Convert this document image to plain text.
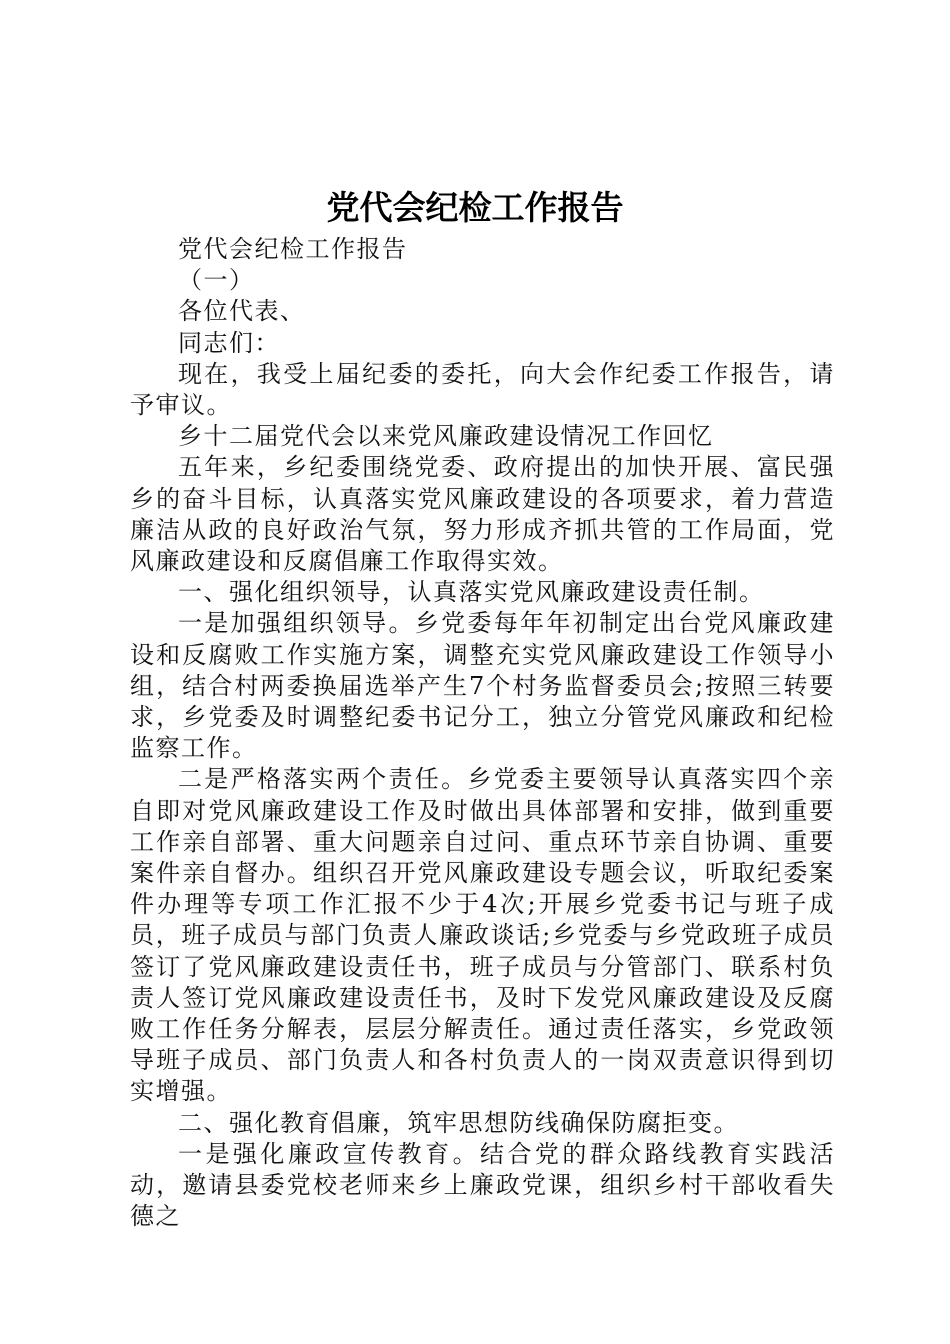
党代会纪检工作报告

党代会纪检工作报告

（一）

各位代表、

同志们：

现在，我受上届纪委的委托，向大会作纪委工作报告，请予审议。

乡十二届党代会以来党风廉政建设情况工作回忆

五年来，乡纪委围绕党委、政府提出的加快开展、富民强乡的奋斗目标，认真落实党风廉政建设的各项要求，着力营造廉洁从政的良好政治气氛，努力形成齐抓共管的工作局面，党风廉政建设和反腐倡廉工作取得实效。

一、强化组织领导，认真落实党风廉政建设责任制。

一是加强组织领导。乡党委每年年初制定出台党风廉政建设和反腐败工作实施方案，调整充实党风廉政建设工作领导小组，结合村两委换届选举产生7个村务监督委员会;按照三转要求，乡党委及时调整纪委书记分工，独立分管党风廉政和纪检监察工作。

二是严格落实两个责任。乡党委主要领导认真落实四个亲自即对党风廉政建设工作及时做出具体部署和安排，做到重要工作亲自部署、重大问题亲自过问、重点环节亲自协调、重要案件亲自督办。组织召开党风廉政建设专题会议，听取纪委案件办理等专项工作汇报不少于4次;开展乡党委书记与班子成员，班子成员与部门负责人廉政谈话;乡党委与乡党政班子成员签订了党风廉政建设责任书，班子成员与分管部门、联系村负责人签订党风廉政建设责任书，及时下发党风廉政建设及反腐败工作任务分解表，层层分解责任。通过责任落实，乡党政领导班子成员、部门负责人和各村负责人的一岗双责意识得到切实增强。

二、强化教育倡廉，筑牢思想防线确保防腐拒变。

一是强化廉政宣传教育。结合党的群众路线教育实践活动，邀请县委党校老师来乡上廉政党课，组织乡村干部收看失德之
